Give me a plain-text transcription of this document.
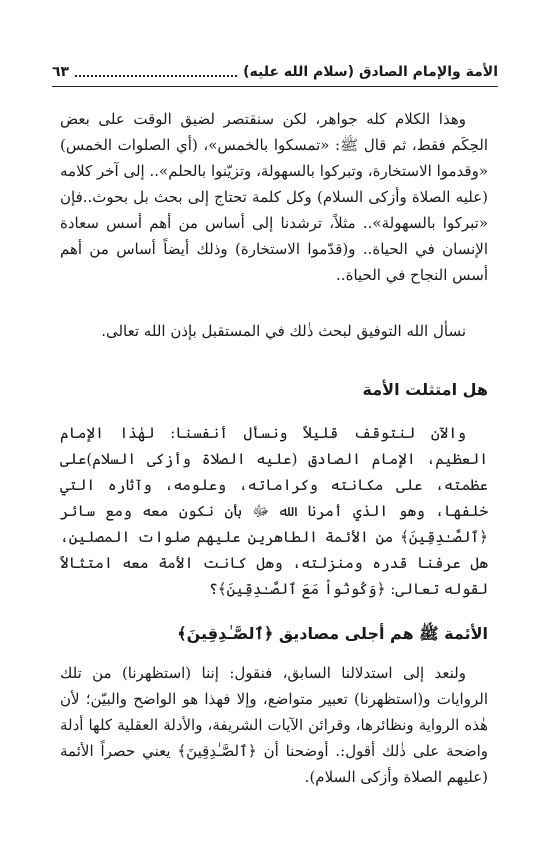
الأمة والإمام الصادق (سلام الله عليه)
٦٣

وهذا الكلام كله جواهر، لكن سنقتصر لضيق الوقت على بعض الحِكَم فقط، ثم قال ﷺ: «تمسكوا بالخمس»، (أي الصلوات الخمس) «وقدموا الاستخارة، وتبركوا بالسهولة، وتزيّنوا بالحلم».. إلى آخر كلامه (عليه الصلاة وأزكى السلام) وكل كلمة تحتاج إلى بحث بل بحوث..فإن «تبركوا بالسهولة».. مثلاً، ترشدنا إلى أساس من أهم أسس سعادة الإنسان في الحياة.. و(قدّموا الاستخارة) وذلك أيضاً أساس من أهم أسس النجاح في الحياة..

نسأل الله التوفيق لبحث ذٰلك في المستقبل بإذن الله تعالى.

هل امتثلت الأمة

والآن لنتوقف قليلاً ونسأل أنفسنا: لهٰذا الإمام العظيم، الإمام الصادق (عليه الصلاة وأزكى السلام)على عظمته، على مكانته وكراماته، وعلومه، وآثاره التي خلفها، وهو الذي أمرنا الله ﷻ بأن نكون معه ومع سائر ﴿ٱلصَّـٰدِقِينَ﴾ من الأئمة الطاهرين عليهم صلوات المصلين، هل عرفنا قدره ومنزلته، وهل كانت الأمة معه امتثالاً لقوله تعالى: ﴿وَكُونُواْ مَعَ ٱلصَّـٰدِقِينَ﴾؟

الأئمة ﷺ هم أجلى مصاديق ﴿ٱلصَّـٰدِقِينَ﴾

ولنعد إلى استدلالنا السابق، فنقول: إننا (استظهرنا) من تلك الروايات و(استظهرنا) تعبير متواضع، وإلا فهذا هو الواضح والبيّن؛ لأن هٰذه الرواية ونظائرها، وقرائن الآيات الشريفة، والأدلة العقلية كلها أدلة واضحة على ذٰلك أقول:. أوضحنا أن ﴿ٱلصَّـٰدِقِينَ﴾ يعني حصراً الأئمة (عليهم الصلاة وأزكى السلام).
